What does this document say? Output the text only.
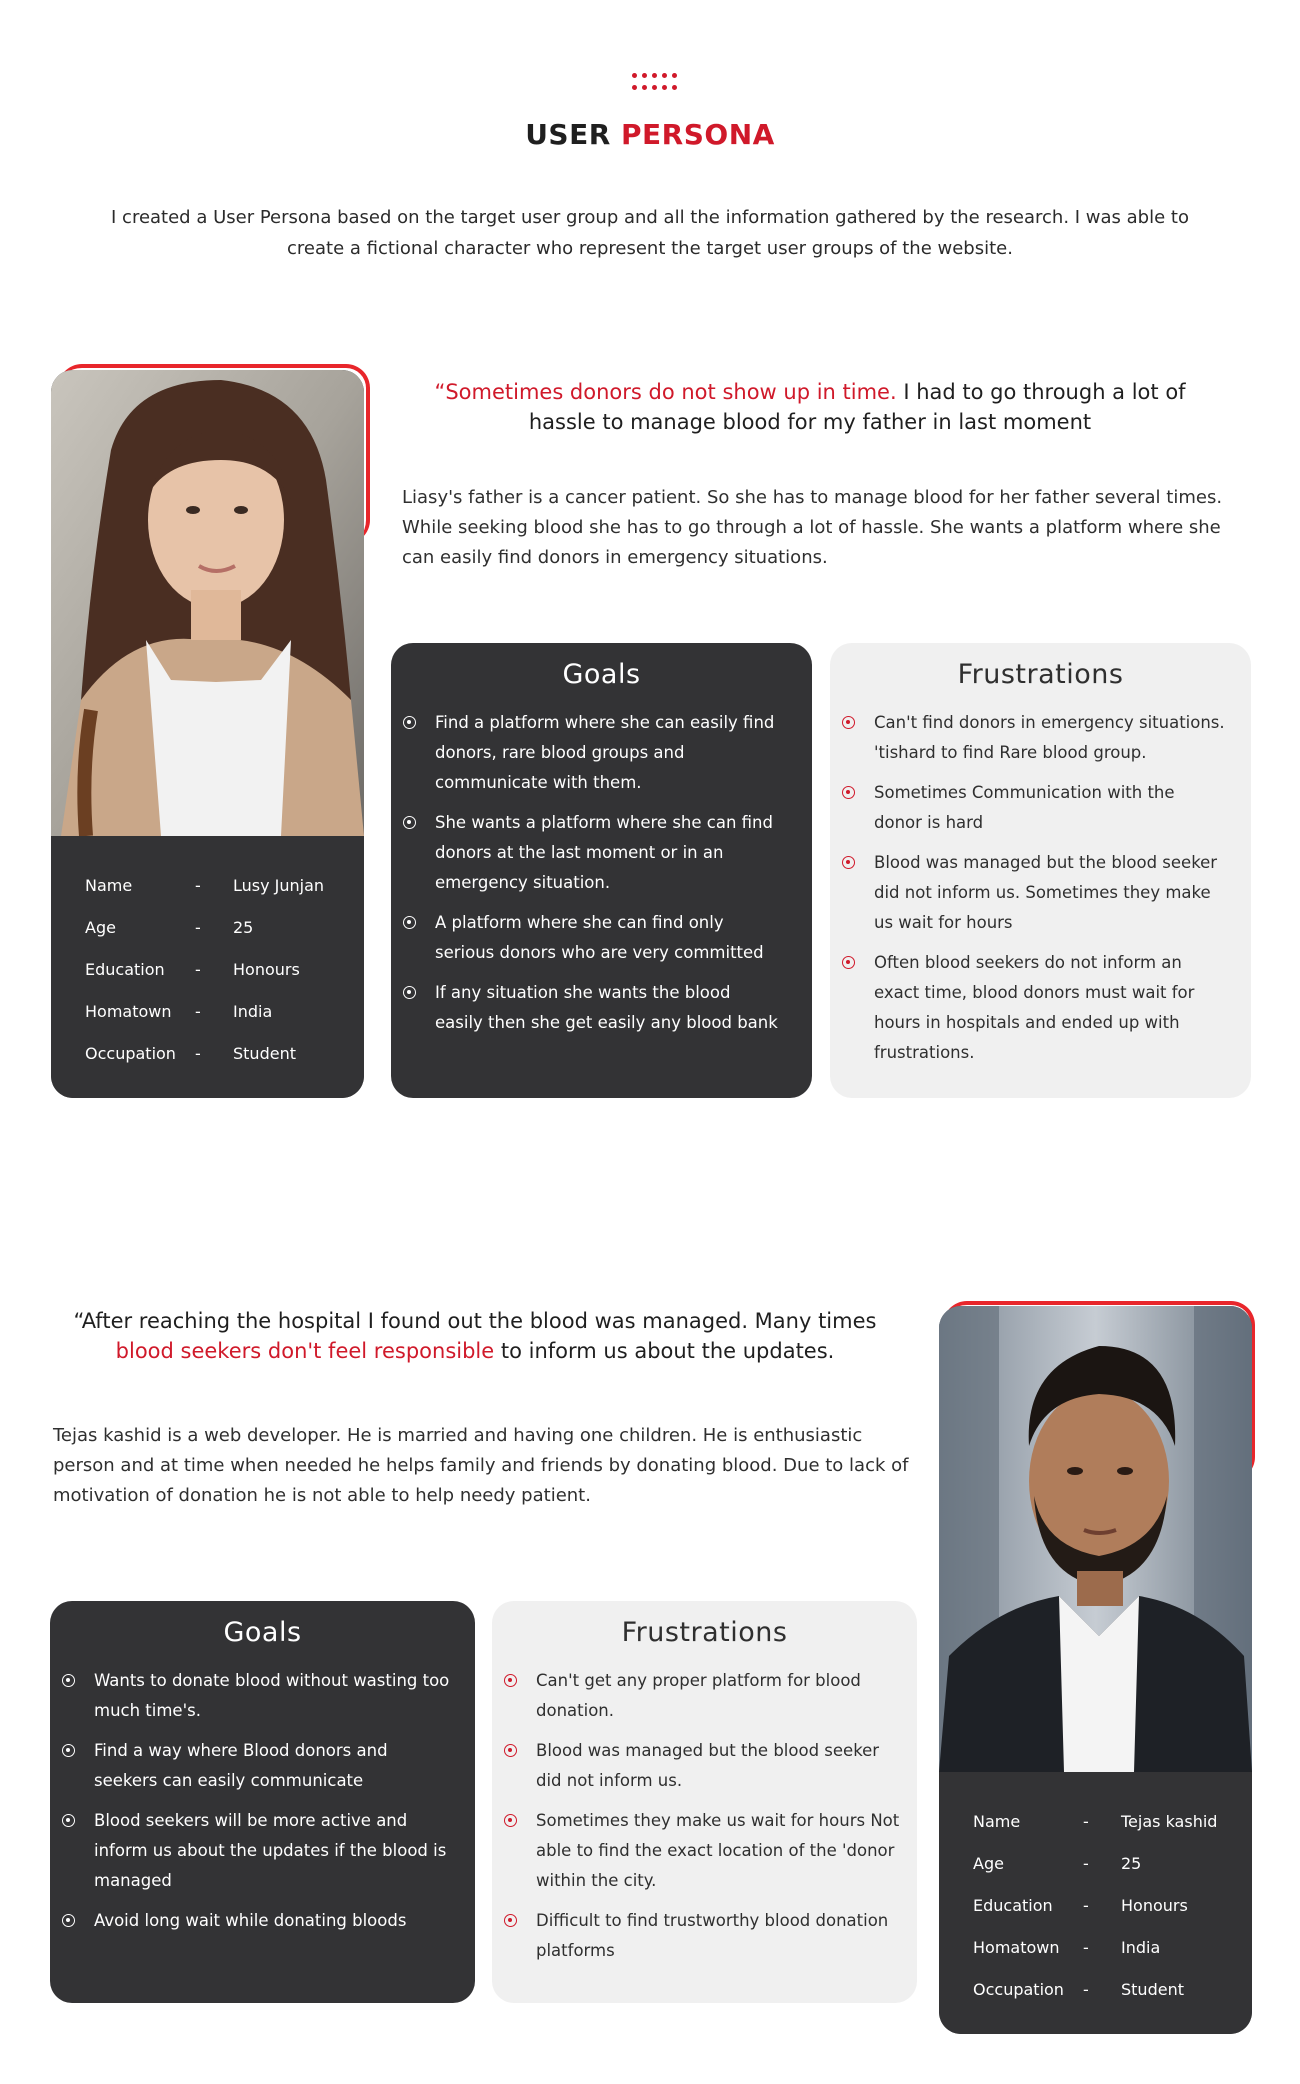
USER PERSONA

I created a User Persona based on the target user group and all the information gathered by the research. I was able to create a fictional character who represent the target user groups of the website.

Name	-	Lusy Junjan
Age	-	25
Education	-	Honours
Homatown	-	India
Occupation	-	Student

“Sometimes donors do not show up in time. I had to go through a lot of hassle to manage blood for my father in last moment

Liasy's father is a cancer patient. So she has to manage blood for her father several times. While seeking blood she has to go through a lot of hassle. She wants a platform where she can easily find donors in emergency situations.

Goals
Find a platform where she can easily find donors, rare blood groups and communicate with them.
She wants a platform where she can find donors at the last moment or in an emergency situation.
A platform where she can find only serious donors who are very committed
If any situation she wants the blood easily then she get easily any blood bank
Frustrations
Can't find donors in emergency situations. 'tishard to find Rare blood group.
Sometimes Communication with the donor is hard
Blood was managed but the blood seeker did not inform us. Sometimes they make us wait for hours
Often blood seekers do not inform an exact time, blood donors must wait for hours in hospitals and ended up with frustrations.

“After reaching the hospital I found out the blood was managed. Many times
blood seekers don't feel responsible to inform us about the updates.

Tejas kashid is a web developer. He is married and having one children. He is enthusiastic person and at time when needed he helps family and friends by donating blood. Due to lack of motivation of donation he is not able to help needy patient.

Goals
Wants to donate blood without wasting too much time's.
Find a way where Blood donors and seekers can easily communicate
Blood seekers will be more active and inform us about the updates if the blood is managed
Avoid long wait while donating bloods
Frustrations
Can't get any proper platform for blood donation.
Blood was managed but the blood seeker did not inform us.
Sometimes they make us wait for hours Not able to find the exact location of the 'donor within the city.
Difficult to find trustworthy blood donation platforms
Name	-	Tejas kashid
Age	-	25
Education	-	Honours
Homatown	-	India
Occupation	-	Student
